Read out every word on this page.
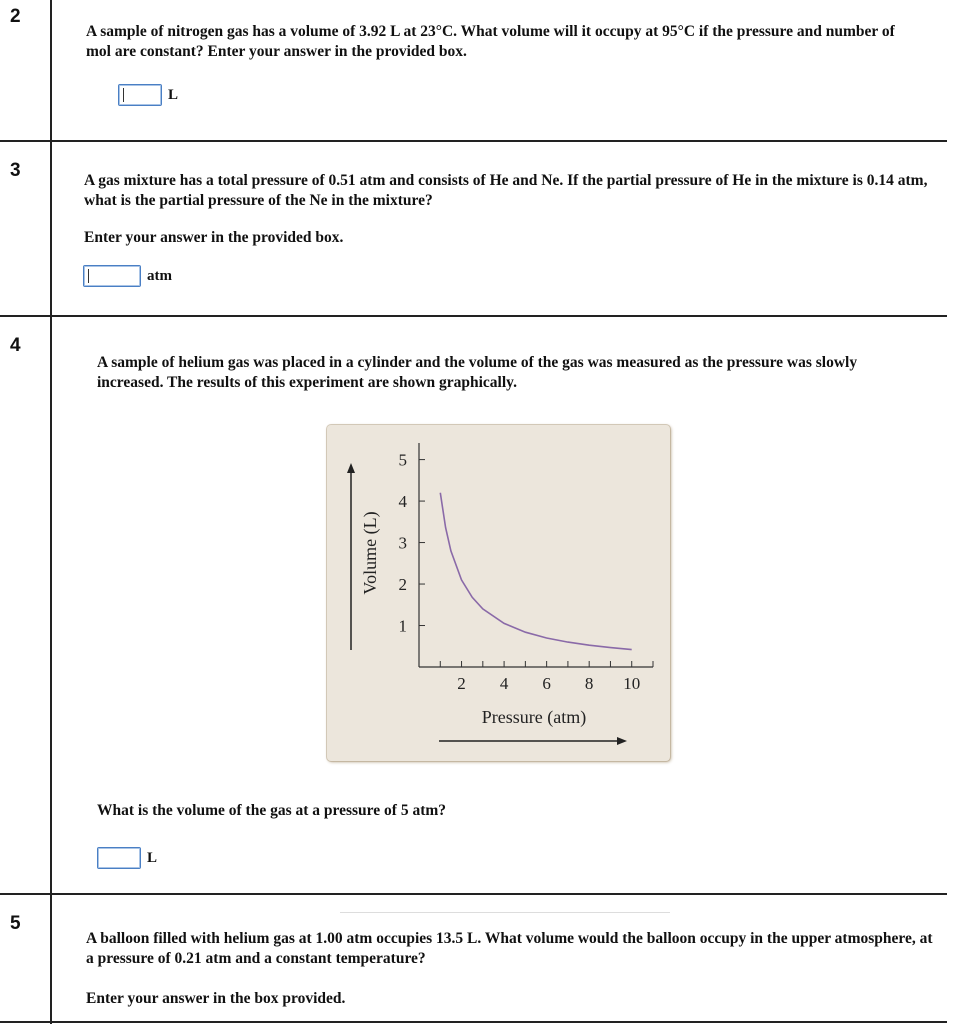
2
3
4
5
A sample of nitrogen gas has a volume of 3.92 L at 23°C. What volume will it occupy at 95°C if the pressure and number of mol are constant? Enter your answer in the provided box.
L
A gas mixture has a total pressure of 0.51 atm and consists of He and Ne. If the partial pressure of He in the mixture is 0.14 atm, what is the partial pressure of the Ne in the mixture?
Enter your answer in the provided box.
atm
A sample of helium gas was placed in a cylinder and the volume of the gas was measured as the pressure was slowly increased. The results of this experiment are shown graphically.
1
2
3
4
5
2 4 6 8 10
Volume (L)
Pressure (atm)
What is the volume of the gas at a pressure of 5 atm?
L
A balloon filled with helium gas at 1.00 atm occupies 13.5 L. What volume would the balloon occupy in the upper atmosphere, at a pressure of 0.21 atm and a constant temperature?
Enter your answer in the box provided.
